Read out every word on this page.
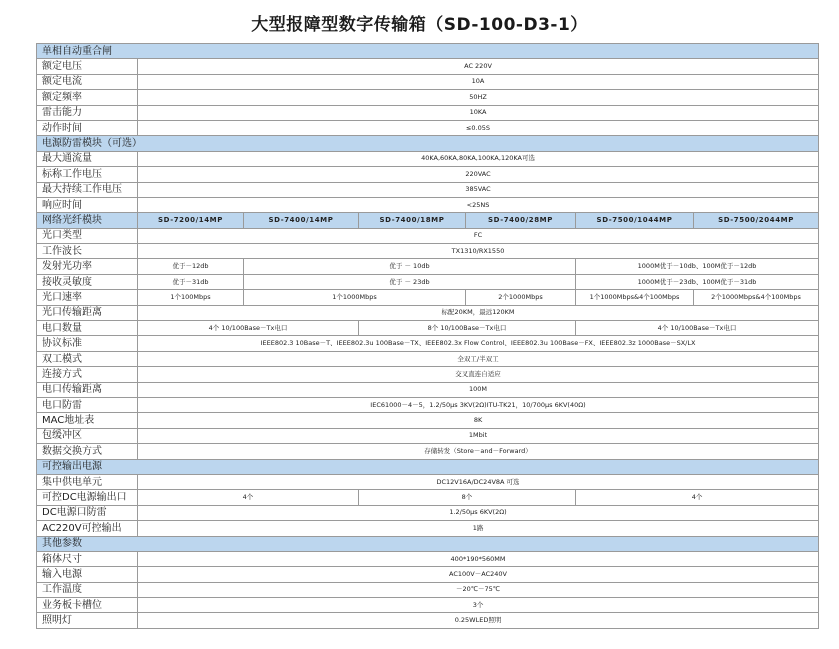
大型报障型数字传输箱（SD-100-D3-1）
单相自动重合闸						
额定电压	AC 220V					
额定电流	10A					
额定频率	50HZ					
雷击能力	10KA					
动作时间	≤0.05S					
电源防雷模块（可选）						
最大通流量	40KA,60KA,80KA,100KA,120KA可选					
标称工作电压	220VAC					
最大持续工作电压	385VAC					
响应时间	<25NS					
网络光纤模块	SD-7200/14MP	SD-7400/14MP	SD-7400/18MP	SD-7400/28MP	SD-7500/1044MP	SD-7500/2044MP
光口类型	FC					
工作波长	TX1310/RX1550					
发射光功率	优于－12db	优于 － 10db			1000M优于－10db、100M优于－12db	
接收灵敏度	优于－31db	优于 － 23db			1000M优于－23db、100M优于－31db	
光口速率	1个100Mbps	1个1000Mbps		2个1000Mbps	1个1000Mbps&4个100Mbps	2个1000Mbps&4个100Mbps
光口传输距离	标配20KM，最远120KM					
电口数量	4个 10/100Base－Tx电口		8个 10/100Base－Tx电口		4个 10/100Base－Tx电口	
协议标准	IEEE802.3 10Base－T、IEEE802.3u 100Base－TX、IEEE802.3x Flow Control、IEEE802.3u 100Base－FX、IEEE802.3z 1000Base－SX/LX					
双工模式	全双工/半双工					
连接方式	交叉直连自适应					
电口传输距离	100M					
电口防雷	IEC61000－4－5，1.2/50μs 3KV(2Ω)ITU-TK21，10/700μs 6KV(40Ω)					
MAC地址表	8K					
包缓冲区	1Mbit					
数据交换方式	存储转发（Store－and－Forward）					
可控输出电源						
集中供电单元	DC12V16A/DC24V8A 可选					
可控DC电源输出口	4个		8个		4个	
DC电源口防雷	1.2/50μs 6KV(2Ω)					
AC220V可控输出	1路					
其他参数						
箱体尺寸	400*190*560MM					
输入电源	AC100V－AC240V					
工作温度	－20℃－75℃					
业务板卡槽位	3个					
照明灯	0.25WLED照明					
